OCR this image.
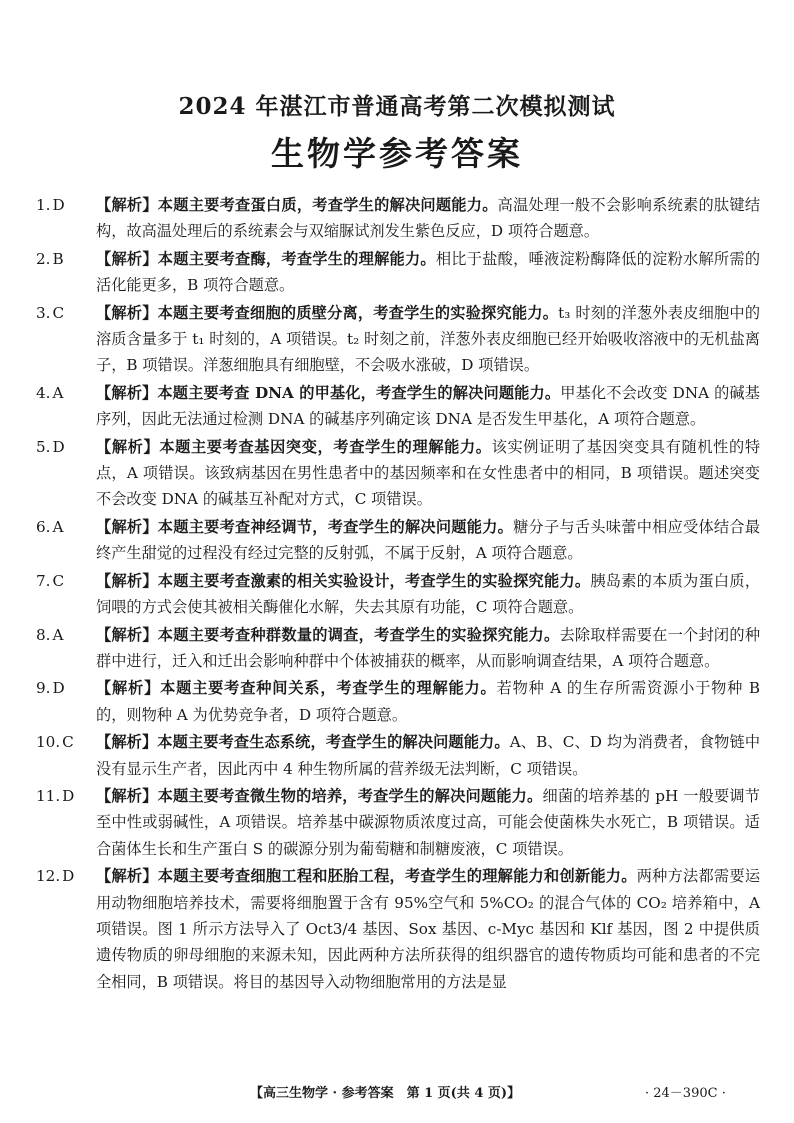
2024 年湛江市普通高考第二次模拟测试
生物学参考答案
1. D	【解析】本题主要考查蛋白质，考查学生的解决问题能力。高温处理一般不会影响系统素的肽键结构，故高温处理后的系统素会与双缩脲试剂发生紫色反应，D 项符合题意。
2. B	【解析】本题主要考查酶，考查学生的理解能力。相比于盐酸，唾液淀粉酶降低的淀粉水解所需的活化能更多，B 项符合题意。
3. C	【解析】本题主要考查细胞的质壁分离，考查学生的实验探究能力。t₃ 时刻的洋葱外表皮细胞中的溶质含量多于 t₁ 时刻的，A 项错误。t₂ 时刻之前，洋葱外表皮细胞已经开始吸收溶液中的无机盐离子，B 项错误。洋葱细胞具有细胞壁，不会吸水涨破，D 项错误。
4. A	【解析】本题主要考查 DNA 的甲基化，考查学生的解决问题能力。甲基化不会改变 DNA 的碱基序列，因此无法通过检测 DNA 的碱基序列确定该 DNA 是否发生甲基化，A 项符合题意。
5. D	【解析】本题主要考查基因突变，考查学生的理解能力。该实例证明了基因突变具有随机性的特点，A 项错误。该致病基因在男性患者中的基因频率和在女性患者中的相同，B 项错误。题述突变不会改变 DNA 的碱基互补配对方式，C 项错误。
6. A	【解析】本题主要考查神经调节，考查学生的解决问题能力。糖分子与舌头味蕾中相应受体结合最终产生甜觉的过程没有经过完整的反射弧，不属于反射，A 项符合题意。
7. C	【解析】本题主要考查激素的相关实验设计，考查学生的实验探究能力。胰岛素的本质为蛋白质，饲喂的方式会使其被相关酶催化水解，失去其原有功能，C 项符合题意。
8. A	【解析】本题主要考查种群数量的调查，考查学生的实验探究能力。去除取样需要在一个封闭的种群中进行，迁入和迁出会影响种群中个体被捕获的概率，从而影响调查结果，A 项符合题意。
9. D	【解析】本题主要考查种间关系，考查学生的理解能力。若物种 A 的生存所需资源小于物种 B 的，则物种 A 为优势竞争者，D 项符合题意。
10. C	【解析】本题主要考查生态系统，考查学生的解决问题能力。A、B、C、D 均为消费者，食物链中没有显示生产者，因此丙中 4 种生物所属的营养级无法判断，C 项错误。
11. D	【解析】本题主要考查微生物的培养，考查学生的解决问题能力。细菌的培养基的 pH 一般要调节至中性或弱碱性，A 项错误。培养基中碳源物质浓度过高，可能会使菌株失水死亡，B 项错误。适合菌体生长和生产蛋白 S 的碳源分别为葡萄糖和制糖废液，C 项错误。
12. D	【解析】本题主要考查细胞工程和胚胎工程，考查学生的理解能力和创新能力。两种方法都需要运用动物细胞培养技术，需要将细胞置于含有 95%空气和 5%CO₂ 的混合气体的 CO₂ 培养箱中，A 项错误。图 1 所示方法导入了 Oct3/4 基因、Sox 基因、c-Myc 基因和 Klf 基因，图 2 中提供质遗传物质的卵母细胞的来源未知，因此两种方法所获得的组织器官的遗传物质均可能和患者的不完全相同，B 项错误。将目的基因导入动物细胞常用的方法是显
【高三生物学 · 参考答案　第 1 页(共 4 页)】	· 24－390C ·
